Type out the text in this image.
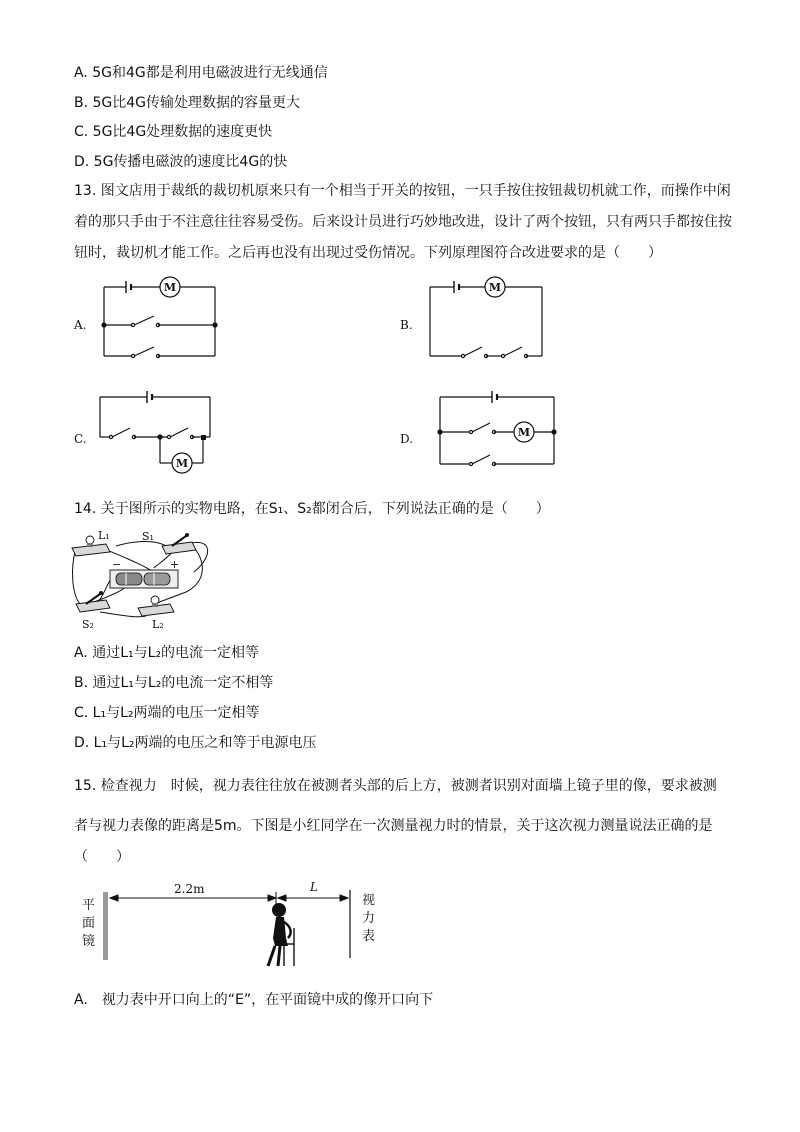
A. 5G和4G都是利用电磁波进行无线通信
B. 5G比4G传输处理数据的容量更大
C. 5G比4G处理数据的速度更快
D. 5G传播电磁波的速度比4G的快
13. 图文店用于裁纸的裁切机原来只有一个相当于开关的按钮，一只手按住按钮裁切机就工作，而操作中闲着的那只手由于不注意往往容易受伤。后来设计员进行巧妙地改进，设计了两个按钮，只有两只手都按住按钮时，裁切机才能工作。之后再也没有出现过受伤情况。下列原理图符合改进要求的是（　　）
A.	B.
C.	D.
M	M
M
M
14. 关于图所示的实物电路，在S₁、S₂都闭合后，下列说法正确的是（　　）
L₁	S₁
S₂	L₂
−	+
A. 通过L₁与L₂的电流一定相等
B. 通过L₁与L₂的电流一定不相等
C. L₁与L₂两端的电压一定相等
D. L₁与L₂两端的电压之和等于电源电压
15. 检查视力　时候，视力表往往放在被测者头部的后上方，被测者识别对面墙上镜子里的像，要求被测
者与视力表像的距离是5m。下图是小红同学在一次测量视力时的情景，关于这次视力测量说法正确的是
（　　）
2.2m	L
平面镜
视力表
A.　视力表中开口向上的“E”，在平面镜中成的像开口向下
